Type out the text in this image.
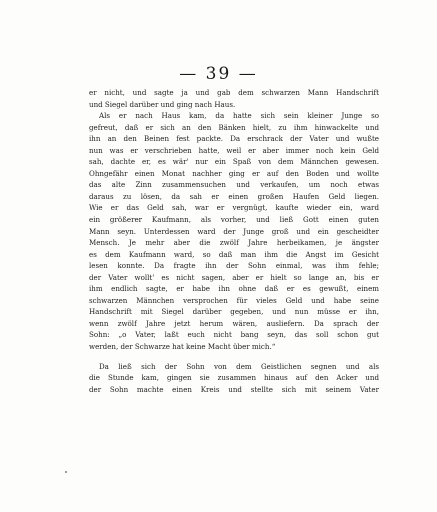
— 39 —
er nicht, und sagte ja und gab dem schwarzen Mann Handschrift
und Siegel darüber und ging nach Haus.
Als er nach Haus kam, da hatte sich sein kleiner Junge so
gefreut, daß er sich an den Bänken hielt, zu ihm hinwackelte und
ihn an den Beinen fest packte. Da erschrack der Vater und wußte
nun was er verschrieben hatte, weil er aber immer noch kein Geld
sah, dachte er, es wär' nur ein Spaß von dem Männchen gewesen.
Ohngefähr einen Monat nachher ging er auf den Boden und wollte
das alte Zinn zusammensuchen und verkaufen, um noch etwas
daraus zu lösen, da sah er einen großen Haufen Geld liegen.
Wie er das Geld sah, war er vergnügt, kaufte wieder ein, ward
ein größerer Kaufmann, als vorher, und ließ Gott einen guten
Mann seyn. Unterdessen ward der Junge groß und ein gescheidter
Mensch. Je mehr aber die zwölf Jahre herbeikamen, je ängster
es dem Kaufmann ward, so daß man ihm die Angst im Gesicht
lesen konnte. Da fragte ihn der Sohn einmal, was ihm fehle;
der Vater wollt' es nicht sagen, aber er hielt so lange an, bis er
ihm endlich sagte, er habe ihn ohne daß er es gewußt, einem
schwarzen Männchen versprochen für vieles Geld und habe seine
Handschrift mit Siegel darüber gegeben, und nun müsse er ihn,
wenn zwölf Jahre jetzt herum wären, ausliefern. Da sprach der
Sohn: „o Vater, laßt euch nicht bang seyn, das soll schon gut
werden, der Schwarze hat keine Macht über mich.“
Da ließ sich der Sohn von dem Geistlichen segnen und als
die Stunde kam, gingen sie zusammen hinaus auf den Acker und
der Sohn machte einen Kreis und stellte sich mit seinem Vater
